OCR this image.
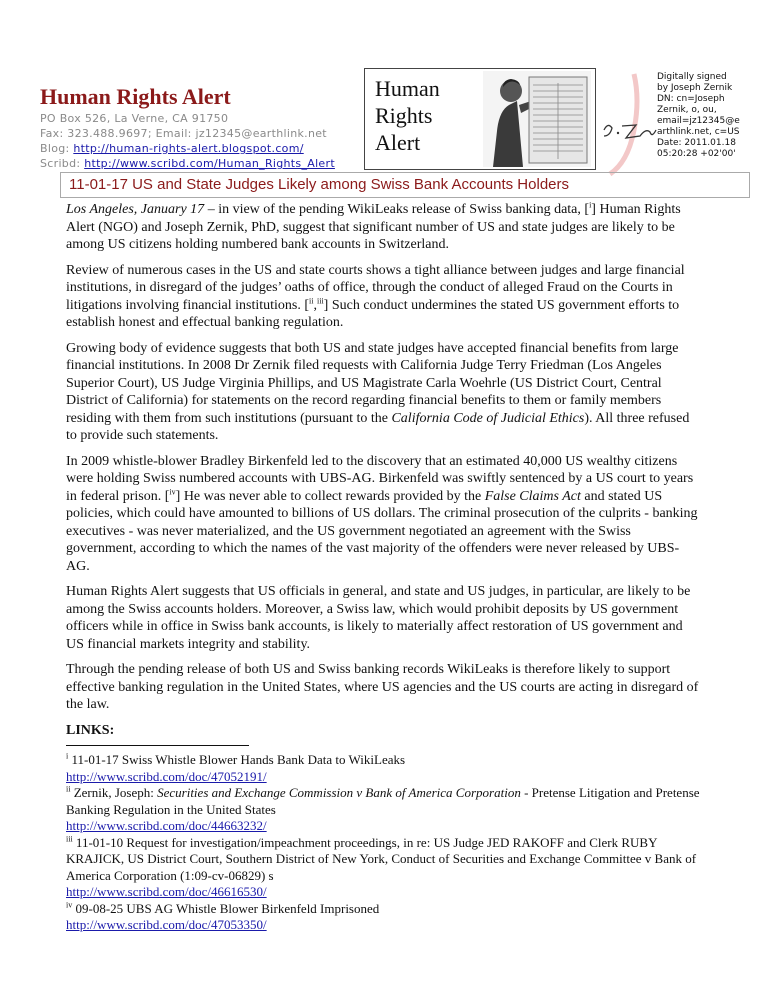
Human Rights Alert
PO Box 526, La Verne, CA 91750
Fax: 323.488.9697; Email: jz12345@earthlink.net
Blog: http://human-rights-alert.blogspot.com/
Scribd: http://www.scribd.com/Human_Rights_Alert
Human
Rights
Alert
Digitally signed
by Joseph Zernik
DN: cn=Joseph
Zernik, o, ou,
email=jz12345@e
arthlink.net, c=US
Date: 2011.01.18
05:20:28 +02'00'
11-01-17 US and State Judges Likely among Swiss Bank Accounts Holders

Los Angeles, January 17 – in view of the pending WikiLeaks release of Swiss banking data, [$^i$] Human Rights Alert (NGO) and Joseph Zernik, PhD, suggest that significant number of US and state judges are likely to be among US citizens holding numbered bank accounts in Switzerland.

Review of numerous cases in the US and state courts shows a tight alliance between judges and large financial institutions, in disregard of the judges’ oaths of office, through the conduct of alleged Fraud on the Courts in litigations involving financial institutions. [$^{ii}$,$^{iii}$] Such conduct undermines the stated US government efforts to establish honest and effectual banking regulation.

Growing body of evidence suggests that both US and state judges have accepted financial benefits from large financial institutions. In 2008 Dr Zernik filed requests with California Judge Terry Friedman (Los Angeles Superior Court), US Judge Virginia Phillips, and US Magistrate Carla Woehrle (US District Court, Central District of California) for statements on the record regarding financial benefits to them or family members residing with them from such institutions (pursuant to the California Code of Judicial Ethics). All three refused to provide such statements.

In 2009 whistle-blower Bradley Birkenfeld led to the discovery that an estimated 40,000 US wealthy citizens were holding Swiss numbered accounts with UBS-AG. Birkenfeld was swiftly sentenced by a US court to years in federal prison. [$^{iv}$] He was never able to collect rewards provided by the False Claims Act and stated US policies, which could have amounted to billions of US dollars. The criminal prosecution of the culprits - banking executives - was never materialized, and the US government negotiated an agreement with the Swiss government, according to which the names of the vast majority of the offenders were never released by UBS-AG.

Human Rights Alert suggests that US officials in general, and state and US judges, in particular, are likely to be among the Swiss accounts holders. Moreover, a Swiss law, which would prohibit deposits by US government officers while in office in Swiss bank accounts, is likely to materially affect restoration of US government and US financial markets integrity and stability.

Through the pending release of both US and Swiss banking records WikiLeaks is therefore likely to support effective banking regulation in the United States, where US agencies and the US courts are acting in disregard of the law.

LINKS:

$^i$ 11-01-17 Swiss Whistle Blower Hands Bank Data to WikiLeaks
http://www.scribd.com/doc/47052191/
$^{ii}$ Zernik, Joseph: Securities and Exchange Commission v Bank of America Corporation - Pretense Litigation and Pretense Banking Regulation in the United States
http://www.scribd.com/doc/44663232/
$^{iii}$ 11-01-10 Request for investigation/impeachment proceedings, in re: US Judge JED RAKOFF and Clerk RUBY KRAJICK, US District Court, Southern District of New York, Conduct of Securities and Exchange Committee v Bank of America Corporation (1:09-cv-06829) s
http://www.scribd.com/doc/46616530/
$^{iv}$ 09-08-25 UBS AG Whistle Blower Birkenfeld Imprisoned
http://www.scribd.com/doc/47053350/
